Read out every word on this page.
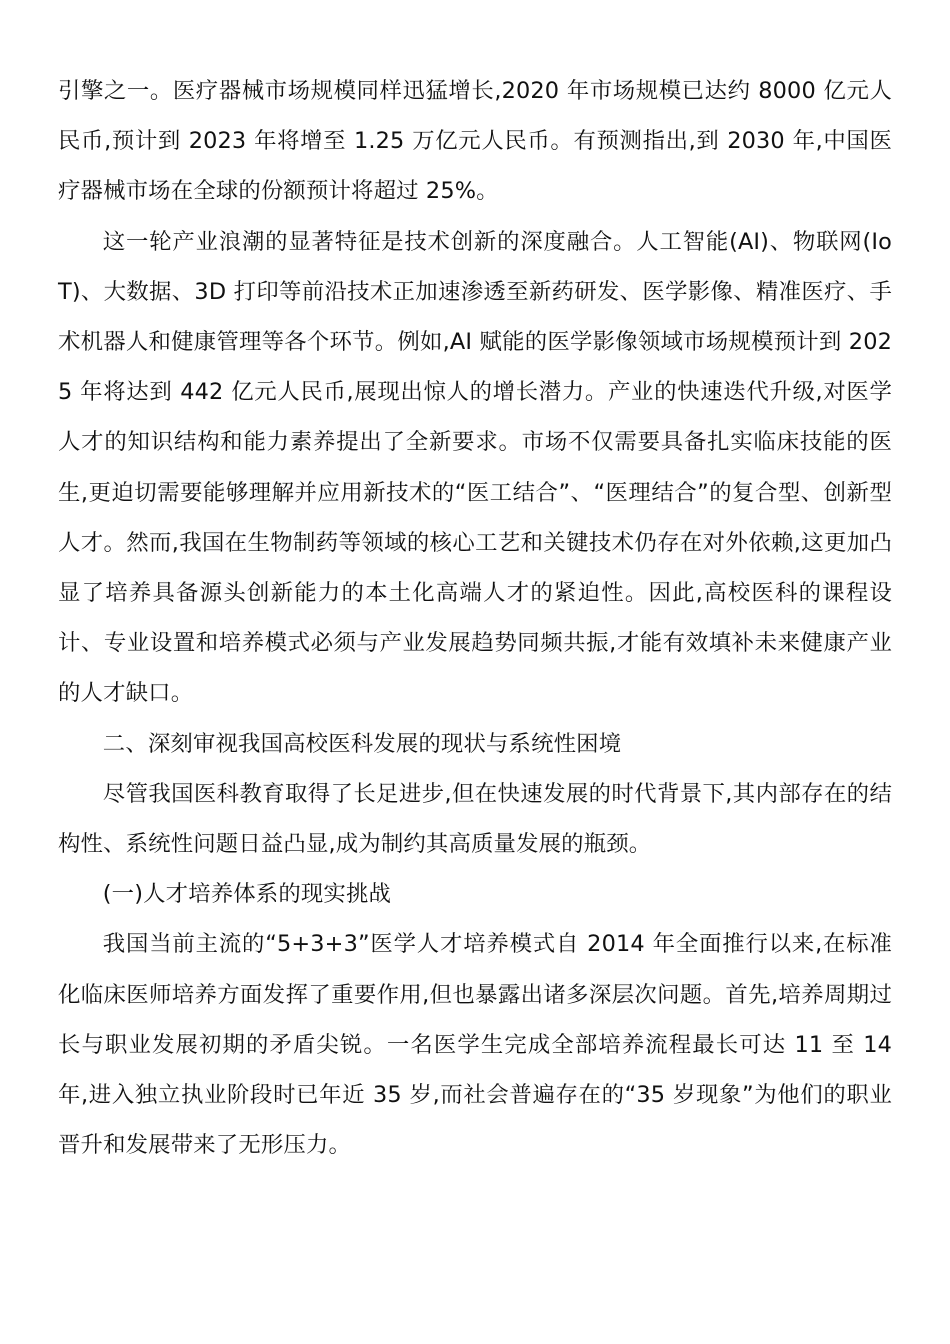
引擎之一。医疗器械市场规模同样迅猛增长,2020 年市场规模已达约 8000 亿元人民币,预计到 2023 年将增至 1.25 万亿元人民币。有预测指出,到 2030 年,中国医疗器械市场在全球的份额预计将超过 25%。

这一轮产业浪潮的显著特征是技术创新的深度融合。人工智能(AI)、物联网(IoT)、大数据、3D 打印等前沿技术正加速渗透至新药研发、医学影像、精准医疗、手术机器人和健康管理等各个环节。例如,AI 赋能的医学影像领域市场规模预计到 2025 年将达到 442 亿元人民币,展现出惊人的增长潜力。产业的快速迭代升级,对医学人才的知识结构和能力素养提出了全新要求。市场不仅需要具备扎实临床技能的医生,更迫切需要能够理解并应用新技术的“医工结合”、“医理结合”的复合型、创新型人才。然而,我国在生物制药等领域的核心工艺和关键技术仍存在对外依赖,这更加凸显了培养具备源头创新能力的本土化高端人才的紧迫性。因此,高校医科的课程设计、专业设置和培养模式必须与产业发展趋势同频共振,才能有效填补未来健康产业的人才缺口。

二、深刻审视我国高校医科发展的现状与系统性困境

尽管我国医科教育取得了长足进步,但在快速发展的时代背景下,其内部存在的结构性、系统性问题日益凸显,成为制约其高质量发展的瓶颈。

(一)人才培养体系的现实挑战

我国当前主流的“5+3+3”医学人才培养模式自 2014 年全面推行以来,在标准化临床医师培养方面发挥了重要作用,但也暴露出诸多深层次问题。首先,培养周期过长与职业发展初期的矛盾尖锐。一名医学生完成全部培养流程最长可达 11 至 14 年,进入独立执业阶段时已年近 35 岁,而社会普遍存在的“35 岁现象”为他们的职业晋升和发展带来了无形压力。
